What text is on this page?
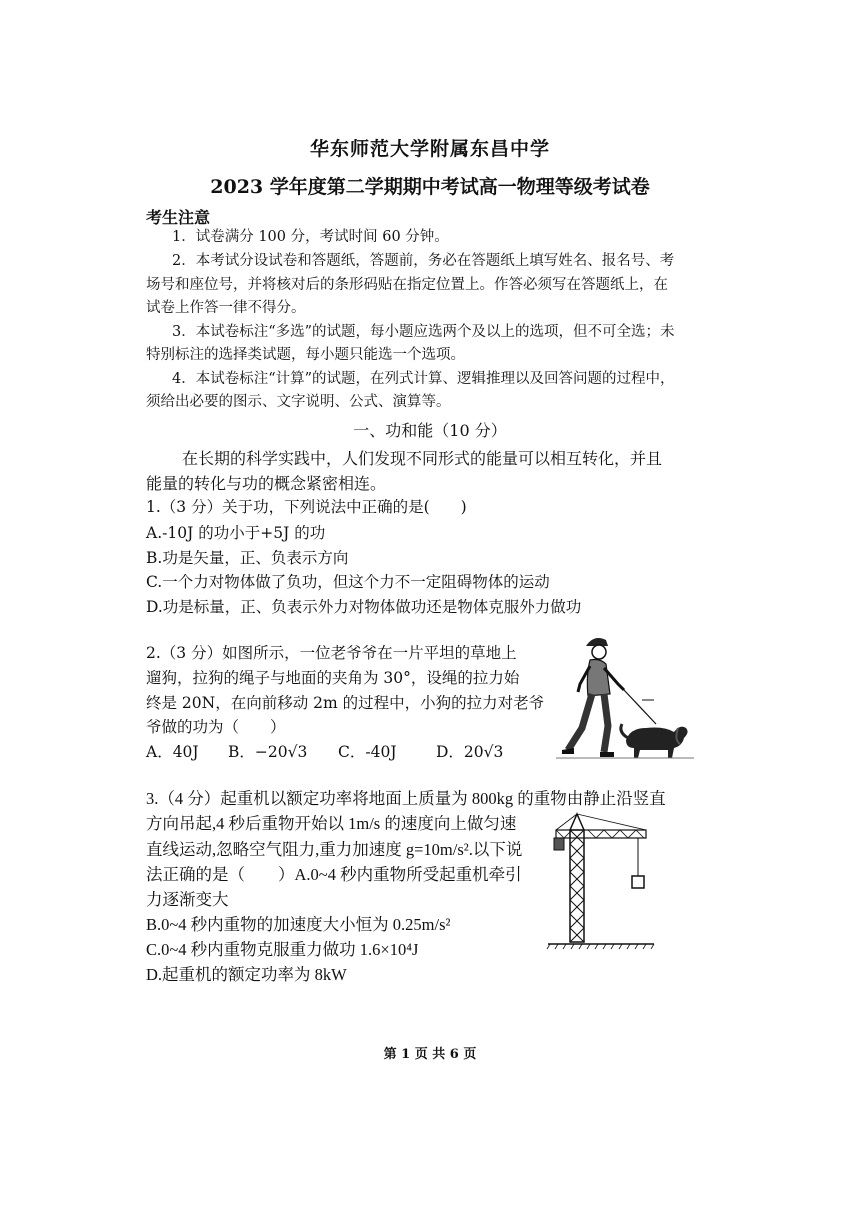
华东师范大学附属东昌中学
2023 学年度第二学期期中考试高一物理等级考试卷
考生注意
1．试卷满分 100 分，考试时间 60 分钟。
2．本考试分设试卷和答题纸，答题前，务必在答题纸上填写姓名、报名号、考
场号和座位号，并将核对后的条形码贴在指定位置上。作答必须写在答题纸上，在
试卷上作答一律不得分。
3．本试卷标注“多选”的试题，每小题应选两个及以上的选项，但不可全选；未
特别标注的选择类试题，每小题只能选一个选项。
4．本试卷标注“计算”的试题，在列式计算、逻辑推理以及回答问题的过程中，
须给出必要的图示、文字说明、公式、演算等。
一、功和能（10 分）
在长期的科学实践中，人们发现不同形式的能量可以相互转化，并且
能量的转化与功的概念紧密相连。
1.（3 分）关于功，下列说法中正确的是(　　)
A.-10J 的功小于+5J 的功
B.功是矢量，正、负表示方向
C.一个力对物体做了负功，但这个力不一定阻碍物体的运动
D.功是标量，正、负表示外力对物体做功还是物体克服外力做功
2.（3 分）如图所示，一位老爷爷在一片平坦的草地上
遛狗，拉狗的绳子与地面的夹角为 30°，设绳的拉力始
终是 20N，在向前移动 2m 的过程中，小狗的拉力对老爷
爷做的功为（　　）
A．40J B．−20√3 C．-40J	D．20√3
3.（4 分）起重机以额定功率将地面上质量为 800kg 的重物由静止沿竖直
方向吊起,4 秒后重物开始以 1m/s 的速度向上做匀速
直线运动,忽略空气阻力,重力加速度 g=10m/s².以下说
法正确的是（　　）A.0~4 秒内重物所受起重机牵引
力逐渐变大
B.0~4 秒内重物的加速度大小恒为 0.25m/s²
C.0~4 秒内重物克服重力做功 1.6×10⁴J
D.起重机的额定功率为 8kW
第 1 页 共 6 页
